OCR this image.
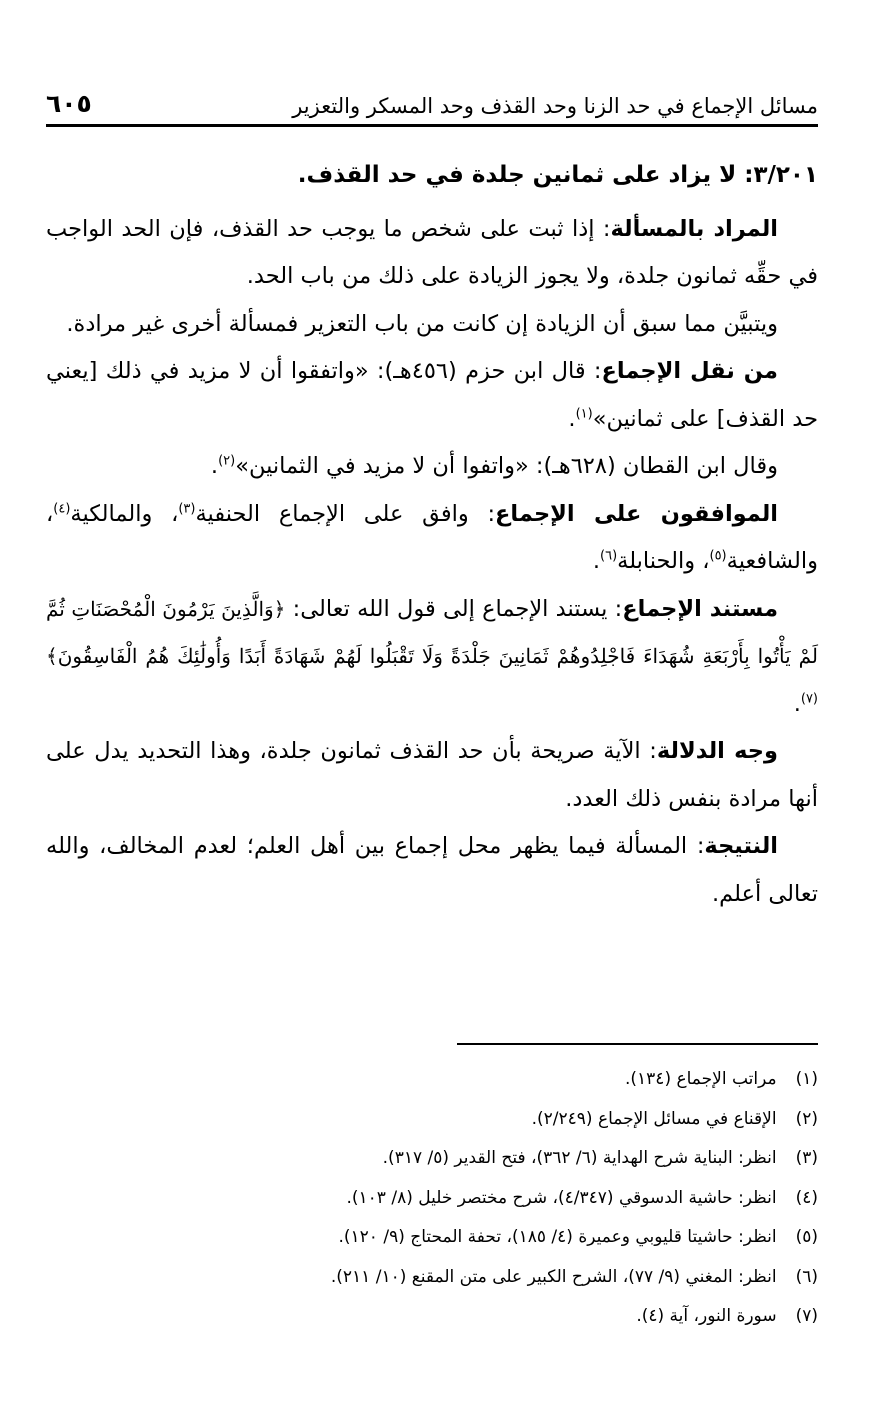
مسائل الإجماع في حد الزنا وحد القذف وحد المسكر والتعزير
٦٠٥

٣/٢٠١: لا يزاد على ثمانين جلدة في حد القذف.

المراد بالمسألة: إذا ثبت على شخص ما يوجب حد القذف، فإن الحد الواجب في حقِّه ثمانون جلدة، ولا يجوز الزيادة على ذلك من باب الحد.

ويتبيَّن مما سبق أن الزيادة إن كانت من باب التعزير فمسألة أخرى غير مرادة.

من نقل الإجماع: قال ابن حزم (٤٥٦هـ): «واتفقوا أن لا مزيد في ذلك [يعني حد القذف] على ثمانين»$^{(١)}$.

وقال ابن القطان (٦٢٨هـ): «واتفوا أن لا مزيد في الثمانين»$^{(٢)}$.

الموافقون على الإجماع: وافق على الإجماع الحنفية$^{(٣)}$، والمالكية$^{(٤)}$، والشافعية$^{(٥)}$، والحنابلة$^{(٦)}$.

مستند الإجماع: يستند الإجماع إلى قول الله تعالى: ﴿وَالَّذِينَ يَرْمُونَ الْمُحْصَنَاتِ ثُمَّ لَمْ يَأْتُوا بِأَرْبَعَةِ شُهَدَاءَ فَاجْلِدُوهُمْ ثَمَانِينَ جَلْدَةً وَلَا تَقْبَلُوا لَهُمْ شَهَادَةً أَبَدًا وَأُولَٰئِكَ هُمُ الْفَاسِقُونَ﴾$^{(٧)}$.

وجه الدلالة: الآية صريحة بأن حد القذف ثمانون جلدة، وهذا التحديد يدل على أنها مرادة بنفس ذلك العدد.

النتيجة: المسألة فيما يظهر محل إجماع بين أهل العلم؛ لعدم المخالف، والله تعالى أعلم.

(١) مراتب الإجماع (١٣٤).
(٢) الإقناع في مسائل الإجماع (٢/٢٤٩).
(٣) انظر: البناية شرح الهداية (٦/ ٣٦٢)، فتح القدير (٥/ ٣١٧).
(٤) انظر: حاشية الدسوقي (٤/٣٤٧)، شرح مختصر خليل (٨/ ١٠٣).
(٥) انظر: حاشيتا قليوبي وعميرة (٤/ ١٨٥)، تحفة المحتاج (٩/ ١٢٠).
(٦) انظر: المغني (٩/ ٧٧)، الشرح الكبير على متن المقنع (١٠/ ٢١١).
(٧) سورة النور، آية (٤).
